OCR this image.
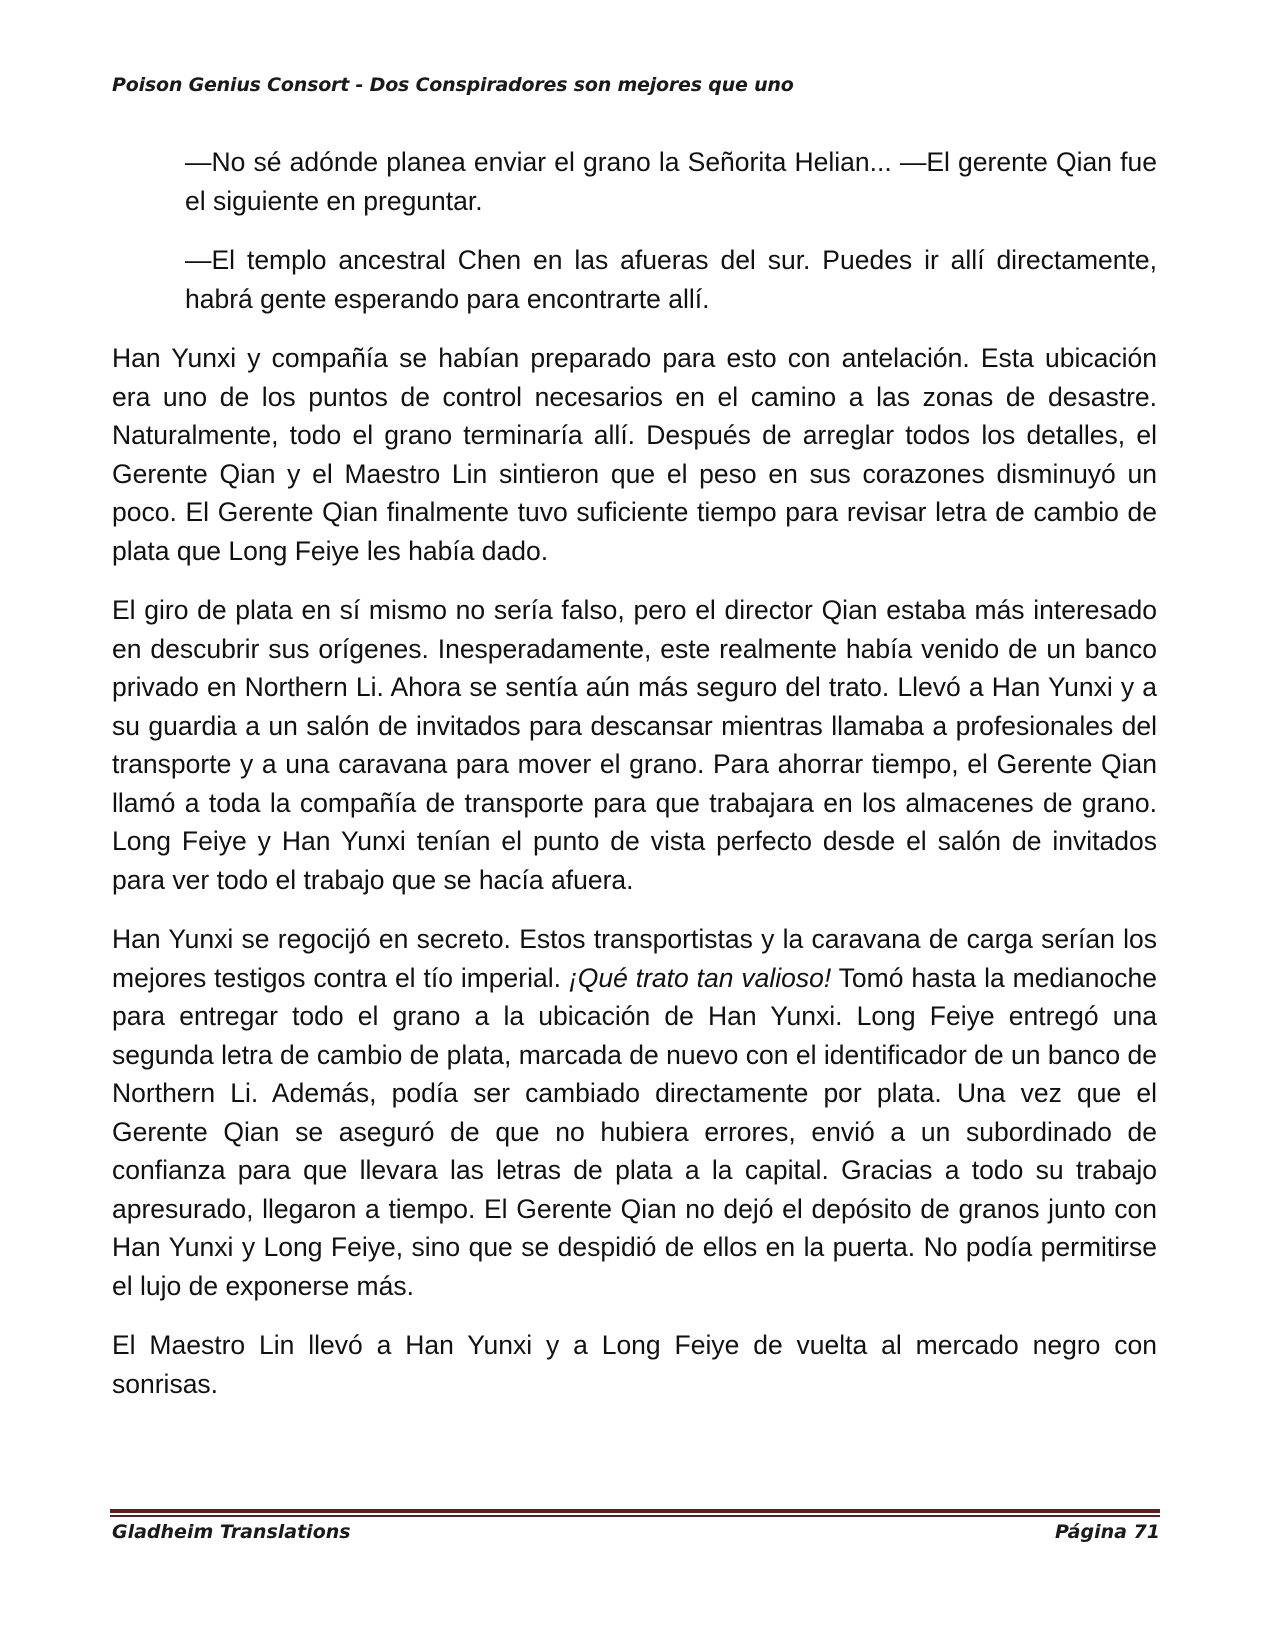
Poison Genius Consort - Dos Conspiradores son mejores que uno

—No sé adónde planea enviar el grano la Señorita Helian... —El gerente Qian fue el siguiente en preguntar.

—El templo ancestral Chen en las afueras del sur. Puedes ir allí directamente, habrá gente esperando para encontrarte allí.

Han Yunxi y compañía se habían preparado para esto con antelación. Esta ubicación era uno de los puntos de control necesarios en el camino a las zonas de desastre. Naturalmente, todo el grano terminaría allí. Después de arreglar todos los detalles, el Gerente Qian y el Maestro Lin sintieron que el peso en sus corazones disminuyó un poco. El Gerente Qian finalmente tuvo suficiente tiempo para revisar letra de cambio de plata que Long Feiye les había dado.

El giro de plata en sí mismo no sería falso, pero el director Qian estaba más interesado en descubrir sus orígenes. Inesperadamente, este realmente había venido de un banco privado en Northern Li. Ahora se sentía aún más seguro del trato. Llevó a Han Yunxi y a su guardia a un salón de invitados para descansar mientras llamaba a profesionales del transporte y a una caravana para mover el grano. Para ahorrar tiempo, el Gerente Qian llamó a toda la compañía de transporte para que trabajara en los almacenes de grano. Long Feiye y Han Yunxi tenían el punto de vista perfecto desde el salón de invitados para ver todo el trabajo que se hacía afuera.

Han Yunxi se regocijó en secreto. Estos transportistas y la caravana de carga serían los mejores testigos contra el tío imperial. ¡Qué trato tan valioso! Tomó hasta la medianoche para entregar todo el grano a la ubicación de Han Yunxi. Long Feiye entregó una segunda letra de cambio de plata, marcada de nuevo con el identificador de un banco de Northern Li. Además, podía ser cambiado directamente por plata. Una vez que el Gerente Qian se aseguró de que no hubiera errores, envió a un subordinado de confianza para que llevara las letras de plata a la capital. Gracias a todo su trabajo apresurado, llegaron a tiempo. El Gerente Qian no dejó el depósito de granos junto con Han Yunxi y Long Feiye, sino que se despidió de ellos en la puerta. No podía permitirse el lujo de exponerse más.

El Maestro Lin llevó a Han Yunxi y a Long Feiye de vuelta al mercado negro con sonrisas.

Gladheim Translations	Página 71
